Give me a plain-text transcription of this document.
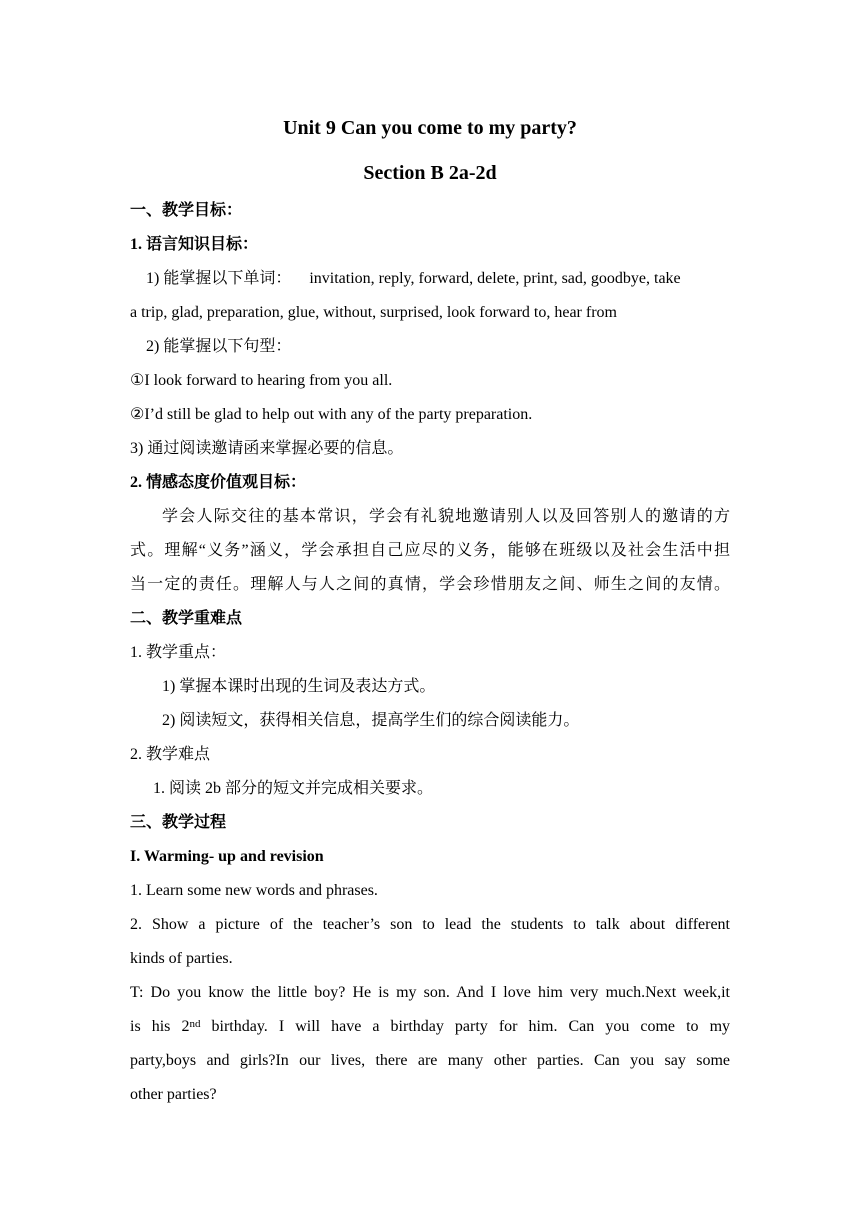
Unit 9 Can you come to my party?
Section B 2a-2d
一、教学目标：
1. 语言知识目标：
1) 能掌握以下单词： invitation, reply, forward, delete, print, sad, goodbye, take
a trip, glad, preparation, glue, without, surprised, look forward to, hear from
2) 能掌握以下句型：
①I look forward to hearing from you all.
②I’d still be glad to help out with any of the party preparation.
3) 通过阅读邀请函来掌握必要的信息。
2. 情感态度价值观目标：
学会人际交往的基本常识，学会有礼貌地邀请别人以及回答别人的邀请的方
式。理解“义务”涵义，学会承担自己应尽的义务，能够在班级以及社会生活中担
当一定的责任。理解人与人之间的真情，学会珍惜朋友之间、师生之间的友情。
二、教学重难点
1. 教学重点：
1) 掌握本课时出现的生词及表达方式。
2) 阅读短文，获得相关信息，提高学生们的综合阅读能力。
2. 教学难点
1. 阅读 2b 部分的短文并完成相关要求。
三、教学过程
I. Warming- up and revision
1. Learn some new words and phrases.
2. Show a picture of the teacher’s son to lead the students to talk about different
kinds of parties.
T: Do you know the little boy? He is my son. And I love him very much.Next week,it
is his 2nd birthday. I will have a birthday party for him. Can you come to my
party,boys and girls?In our lives, there are many other parties. Can you say some
other parties?
